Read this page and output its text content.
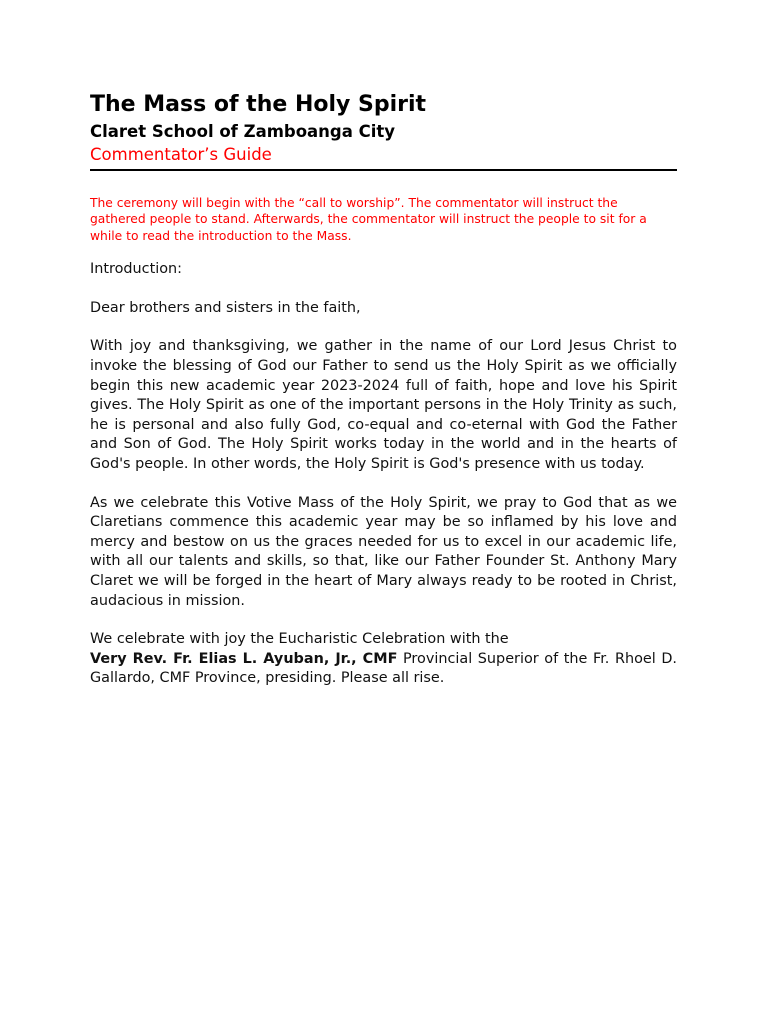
The Mass of the Holy Spirit
Claret School of Zamboanga City
Commentator’s Guide
The ceremony will begin with the “call to worship”. The commentator will instruct the gathered people to stand. Afterwards, the commentator will instruct the people to sit for a while to read the introduction to the Mass.
Introduction:
Dear brothers and sisters in the faith,
With joy and thanksgiving, we gather in the name of our Lord Jesus Christ to invoke the blessing of God our Father to send us the Holy Spirit as we officially begin this new academic year 2023-2024 full of faith, hope and love his Spirit gives. The Holy Spirit as one of the important persons in the Holy Trinity as such, he is personal and also fully God, co-equal and co-eternal with God the Father and Son of God. The Holy Spirit works today in the world and in the hearts of God's people. In other words, the Holy Spirit is God's presence with us today.
As we celebrate this Votive Mass of the Holy Spirit, we pray to God that as we Claretians commence this academic year may be so inflamed by his love and mercy and bestow on us the graces needed for us to excel in our academic life, with all our talents and skills, so that, like our Father Founder St. Anthony Mary Claret we will be forged in the heart of Mary always ready to be rooted in Christ, audacious in mission.
We celebrate with joy the Eucharistic Celebration with the
Very Rev. Fr. Elias L. Ayuban, Jr., CMF Provincial Superior of the Fr. Rhoel D. Gallardo, CMF Province, presiding. Please all rise.
